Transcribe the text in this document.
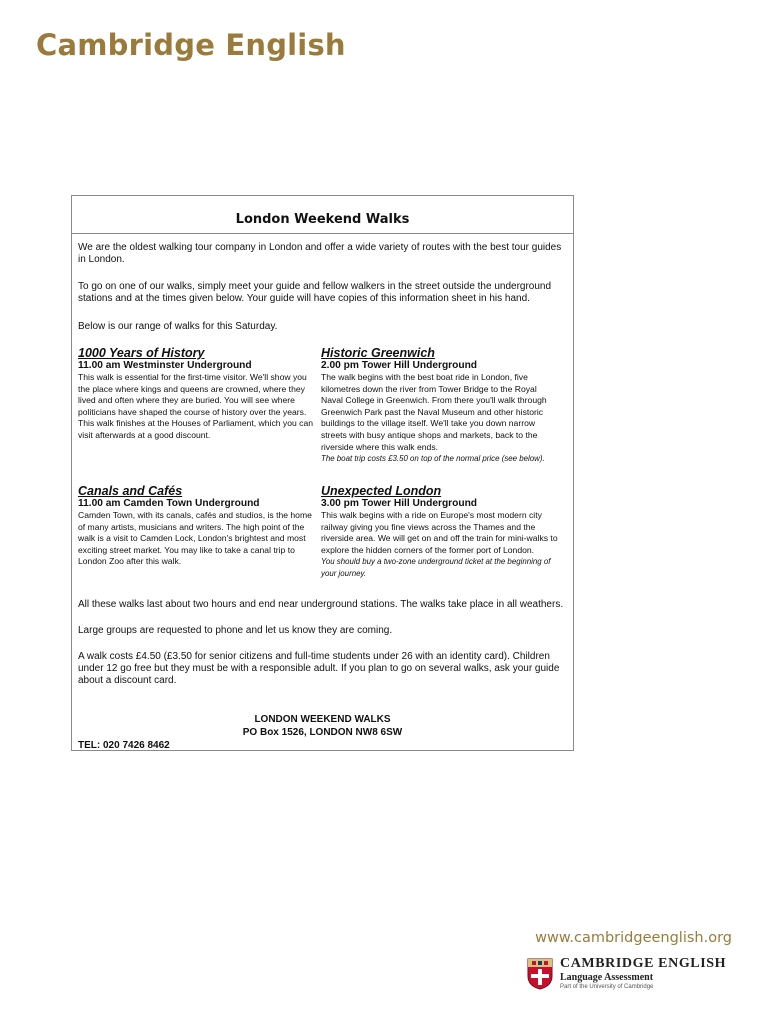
Cambridge English
London Weekend Walks

We are the oldest walking tour company in London and offer a wide variety of routes with the best tour guides in London.

To go on one of our walks, simply meet your guide and fellow walkers in the street outside the underground stations and at the times given below. Your guide will have copies of this information sheet in his hand.

Below is our range of walks for this Saturday.

1000 Years of History
11.00 am Westminster Underground
This walk is essential for the first-time visitor. We'll show you the place where kings and queens are crowned, where they lived and often where they are buried. You will see where politicians have shaped the course of history over the years. This walk finishes at the Houses of Parliament, which you can visit afterwards at a good discount.
Historic Greenwich
2.00 pm Tower Hill Underground
The walk begins with the best boat ride in London, five kilometres down the river from Tower Bridge to the Royal Naval College in Greenwich. From there you'll walk through Greenwich Park past the Naval Museum and other historic buildings to the village itself. We'll take you down narrow streets with busy antique shops and markets, back to the riverside where this walk ends.
The boat trip costs £3.50 on top of the normal price (see below).
Canals and Cafés
11.00 am Camden Town Underground
Camden Town, with its canals, cafés and studios, is the home of many artists, musicians and writers. The high point of the walk is a visit to Camden Lock, London's brightest and most exciting street market. You may like to take a canal trip to London Zoo after this walk.
Unexpected London
3.00 pm Tower Hill Underground
This walk begins with a ride on Europe's most modern city railway giving you fine views across the Thames and the riverside area. We will get on and off the train for mini-walks to explore the hidden corners of the former port of London.
You should buy a two-zone underground ticket at the beginning of your journey.

All these walks last about two hours and end near underground stations. The walks take place in all weathers.

Large groups are requested to phone and let us know they are coming.

A walk costs £4.50 (£3.50 for senior citizens and full-time students under 26 with an identity card). Children under 12 go free but they must be with a responsible adult. If you plan to go on several walks, ask your guide about a discount card.

LONDON WEEKEND WALKS
PO Box 1526, LONDON NW8 6SW
TEL: 020 7426 8462
www.cambridgeenglish.org
CAMBRIDGE ENGLISH
Language Assessment
Part of the University of Cambridge
